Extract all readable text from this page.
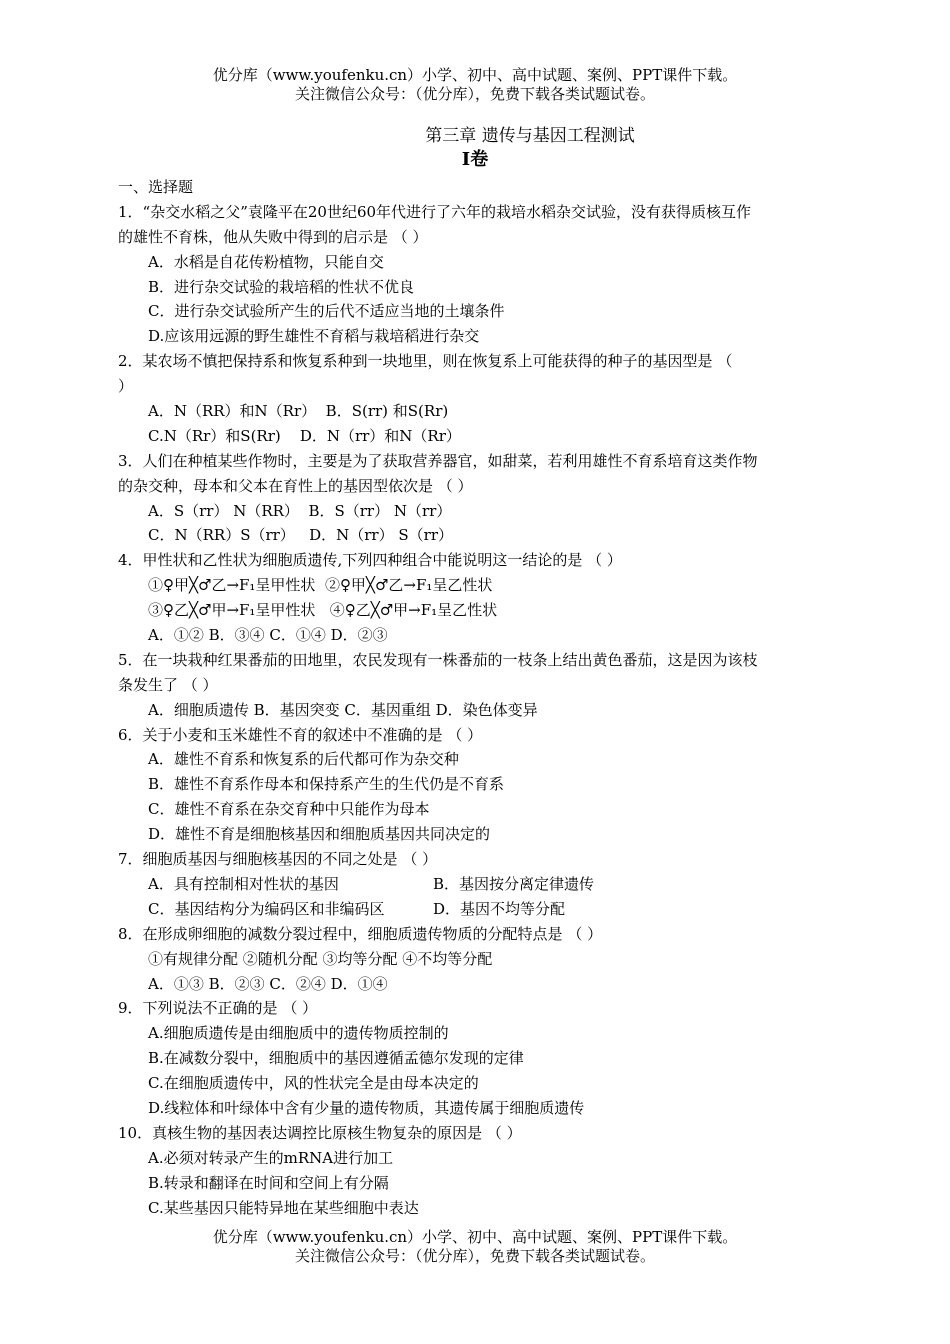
优分库（www.youfenku.cn）小学、初中、高中试题、案例、PPT课件下载。
关注微信公众号：（优分库），免费下载各类试题试卷。
第三章 遗传与基因工程测试
Ⅰ卷
一、选择题
1．“杂交水稻之父”袁隆平在20世纪60年代进行了六年的栽培水稻杂交试验，没有获得质核互作
的雄性不育株，他从失败中得到的启示是 （ ）
A．水稻是自花传粉植物，只能自交
B．进行杂交试验的栽培稻的性状不优良
C．进行杂交试验所产生的后代不适应当地的土壤条件
D.应该用远源的野生雄性不育稻与栽培稻进行杂交
2．某农场不慎把保持系和恢复系种到一块地里，则在恢复系上可能获得的种子的基因型是 （
）
A．N（RR）和N（Rr）  B．S(rr) 和S(Rr)
C.N（Rr）和S(Rr)    D．N（rr）和N（Rr）
3．人们在种植某些作物时，主要是为了获取营养器官，如甜菜，若利用雄性不育系培育这类作物
的杂交种，母本和父本在育性上的基因型依次是 （ ）
A．S（rr） N（RR）  B．S（rr） N（rr）
C．N（RR）S（rr）   D．N（rr） S（rr）
4．甲性状和乙性状为细胞质遗传,下列四种组合中能说明这一结论的是 （ ）
①♀甲╳♂乙→F₁呈甲性状  ②♀甲╳♂乙→F₁呈乙性状
③♀乙╳♂甲→F₁呈甲性状   ④♀乙╳♂甲→F₁呈乙性状
A．①② B．③④ C．①④ D．②③
5．在一块栽种红果番茄的田地里，农民发现有一株番茄的一枝条上结出黄色番茄，这是因为该枝
条发生了 （ ）
A．细胞质遗传 B．基因突变 C．基因重组 D．染色体变异
6．关于小麦和玉米雄性不育的叙述中不准确的是 （ ）
A．雄性不育系和恢复系的后代都可作为杂交种
B．雄性不育系作母本和保持系产生的生代仍是不育系
C．雄性不育系在杂交育种中只能作为母本
D．雄性不育是细胞核基因和细胞质基因共同决定的
7．细胞质基因与细胞核基因的不同之处是 （ ）
A．具有控制相对性状的基因	B．基因按分离定律遗传
C．基因结构分为编码区和非编码区	D．基因不均等分配
8．在形成卵细胞的减数分裂过程中，细胞质遗传物质的分配特点是 （ ）
①有规律分配 ②随机分配 ③均等分配 ④不均等分配
A．①③ B．②③ C．②④ D．①④
9．下列说法不正确的是 （ ）
A.细胞质遗传是由细胞质中的遗传物质控制的
B.在减数分裂中，细胞质中的基因遵循孟德尔发现的定律
C.在细胞质遗传中，风的性状完全是由母本决定的
D.线粒体和叶绿体中含有少量的遗传物质，其遗传属于细胞质遗传
10．真核生物的基因表达调控比原核生物复杂的原因是 （ ）
A.必须对转录产生的mRNA进行加工
B.转录和翻译在时间和空间上有分隔
C.某些基因只能特异地在某些细胞中表达
优分库（www.youfenku.cn）小学、初中、高中试题、案例、PPT课件下载。
关注微信公众号：（优分库），免费下载各类试题试卷。
